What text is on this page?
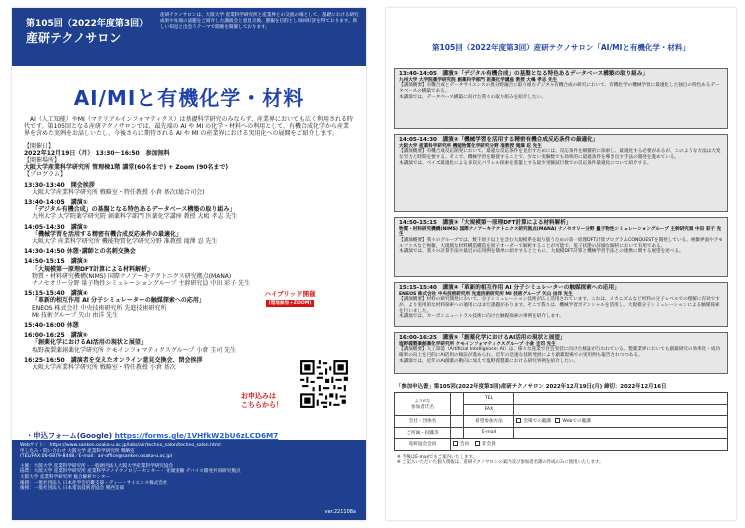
第105回（2022年度第3回）
産研テクノサロン
産研テクノサロンは、大阪大学 産業科学研究所と産業界との交流の場として、基礎における研究成果や先端の話題をご紹介した講演会と意見交換、懇親を目的とし毎回好評を得ております。新しい知見と出会うテーマで開催を開催しております。
AI/MIと有機化学・材料

AI（人工知能）やMI（マテリアルインフォマティクス）は基礎科学研究のみならず、産業界においても広く利用される時代です。第105回となる産研テクノサロンでは、最先端の AI や MI の化学・材料への利用として、有機合成化学から産業界を含めた実例をお話しいたし、今後さらに期待される AI や MI の産業界における実用化への展開をご紹介します。

【開催日】

2022年12月19日（月） 13:30～16:50　参加無料

【開催場所】

大阪大学産業科学研究所 管理棟1階 講堂(60名まで) + Zoom (90名まで)

【プログラム】

13:30-13:40　開会挨拶

大阪大学産業科学研究所 戦略室・特任教授 小倉 基次(総合司会)

13:40-14:05　講演①

「デジタル有機合成」の基盤となる特色あるデータベース構築の取り組み」

九州大学 大学院薬学研究院 創薬科学部門 医薬化学講座 教授 大嶋 孝志 先生

14:05-14:30　講演②

「機械学習を活用する精密有機合成反応条件の最適化」

大阪大学 産業科学研究所 機能物質化学研究分野 准教授 滝澤 忍 先生

14:30-14:50 休憩･講師との名刺交換会

14:50-15:15　講演③

「大規模第一原理DFT計算による材料解析」

物質・材料研究機構(NIMS) 国際ナノアーキテクトニクス研究拠点(MANA)

ナノセオリー分野 量子物性シミュレーショングループ 主幹研究員 中田 彩子 先生

15:15-15:40　講演④

「革新的相互作用 AI 分子シミュレーターの触媒探索への応用」

ENEOS 株式会社 中央技術研究所 先進技術研究所

MI 技術グループ 矢山 由洋 先生

15:40-16:00 休憩

16:00-16:25　講演⑤

「創薬化学におけるAI活用の現状と展望」

塩野義製薬創薬化学研究所 ケモインフォマティクスグループ 小倉 圭司 先生

16:25-16:50　講演者を交えたオンライン意見交換会、閉会挨拶

大阪大学産業科学研究所 戦略室・特任教授 小倉 基次

ハイブリッド開催
(現地参加＋ZOOM)
お申込みは
こちらから！
・申込フォーム(Google) https://forms.gle/1VHfkW2bU6zLCD6M7
Webサイト： https://www.sanken.osaka-u.ac.jp/labs/air/techno_salon/techno_salon.html
申し込み・問い合わせ 大阪大学 産業科学研究所 戦略室
(TEL/FAX:06-6879-8448／E-mail：air-office@sanken.osaka-u.ac.jp)
主催：大阪大学 産業科学研究所・一般財団法人大阪大学産業科学研究協会
協賛：大阪大学 産業科学研究所 産業科学ナノテクノロジーセンター・ 先端実験 デバイス開発共同研究拠点
大阪大学 産業科学研究所 総合解析センター
後援：一般社団法人 日本化学会近畿支部・ディー・サイエンス株式会社
後援：一般社団法人 日本電気技術者協会 関西支部
ver.221108a
第105回（2022年度第3回）産研テクノサロン「AI/MIと有機化学・材料」

13:40-14:05　講演①「デジタル有機合成」の基盤となる特色あるデータベース構築の取り組み」

九州大学 大学院薬学研究院 創薬科学部門 医薬化学講座 教授 大嶋 孝志 先生

【講演概要】有機合成とデータサイエンスの異分野融合に取り組むデジタル有機合成の研究において、有機化学の機械学習に最適化した独自の特色あるデータベースの構築である。

本講演では、データベース構築に向けた我々の取り組みを紹介したい。

14:05-14:30　講演②「機械学習を活用する精密有機合成反応条件の最適化」

大阪大学 産業科学研究所 機能物質化学研究分野 准教授 滝澤 忍 先生

【講演概要】有機合成反応開発において、最適な反応条件を見出すためには、反応条件を網羅的に探索し、最適化する必要があるが、このような方法は大変な労力と時間を要する。そこで、機械学習を駆使することで、少ない実験数でも効率的に最適条件を導き出す手法の開発を進めている。

本講演では、ベイズ最適化による多次元パラレル探索を基盤とする最少実験試行数での反応条件最適化について紹介する。

14:50-15:15　講演③「大規模第一原理DFT計算による材料解析」

物質・材料研究機構(NIMS) 国際ナノアーキテクトニクス研究拠点(MANA) ナノセオリー分野 量子物性シミュレーショングループ 主幹研究員 中田 彩子 先生

【講演概要】我々のグループでは、数千原子以上を含む大規模系を取り扱うための第一原理DFT計算プログラムCONQUESTを開発している。複雑界面やアモルファスなど複雑、大規模な材料構造構造を原子オーダーで解析することが可能で、電子状態の詳細な解析において有用である。

本講演では、我々の計算手法や最近の応用例を簡単に紹介するとともに、大規模DFT計算と機械学習手法との連携に関する展望を述べる。

15:15-15:40　講演④「革新的相互作用 AI 分子シミュレーターの触媒探索への応用」

ENEOS 株式会社 中央技術研究所 先進技術研究所 MI 技術グループ 矢山 由洋 先生

【講演概要】材料の研究開発において、分子シミュレーション技術が広く活用されています。これは、メカニズムなど材料の分子レベルでの理解に有効ですが、より実用的な材料探索への適用にはまだ課題があります。そこで我々は、機械学習ポテンシャルを活用し、大規模分子シミュレーションによる触媒探索を行いました。

本講演では、カーボンニュートラル技術に向けた触媒探索の事例を紹介します。

16:00-16:25　講演⑤「創薬化学におけるAI活用の現状と展望」

塩野義製薬創薬化学研究所 ケモインフォマティクスグループ 小倉 圭司 先生

【講演概要】人工知能（Artificial Intelligence: AI）は、様々な産業で社会実装に向けた検証が行われている。製薬業界においても創薬研究の効率化・成功確率の向上を目的にAI活用の検証が進められ、近年の急速な技術発展により創薬現場での実用例も報告されつつある。

本講演では、近年のAI創薬の動向に加えて塩野義製薬における研究事例を紹介したい。

「参加申込書」第105回(2022年度第3回)産研テクノサロン 2022年12月19日(月) 締切：2022年12月16日
ふりがな
参加者氏名		TEL	
		FAX	
会社・団体名		希望参加方法	会場での聴講 Webでの聴講
ご所属・役職等		E-mail	
産研協会会員	会員 非会員		
※ 今後はE-mailでもご案内いたします。
※ ご記入いただいた個人情報は、産研テクノサロンの案内及び参加者名簿の作成のみに使用いたします。
